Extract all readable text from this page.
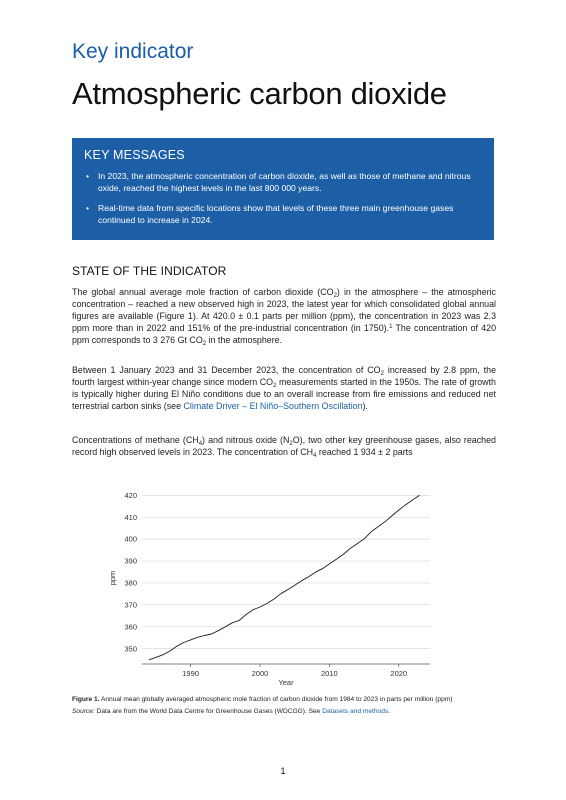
Key indicator
Atmospheric carbon dioxide
KEY MESSAGES
• In 2023, the atmospheric concentration of carbon dioxide, as well as those of methane and nitrous oxide, reached the highest levels in the last 800 000 years.
• Real-time data from specific locations show that levels of these three main greenhouse gases continued to increase in 2024.
STATE OF THE INDICATOR
The global annual average mole fraction of carbon dioxide $(CO_2)$ in the atmosphere – the atmospheric concentration – reached a new observed high in 2023, the latest year for which consolidated global annual figures are available (Figure 1). At 420.0 ± 0.1 parts per million (ppm), the concentration in 2023 was 2.3 ppm more than in 2022 and 151% of the pre-industrial concentration (in 1750).$^1$ The concentration of 420 ppm corresponds to 3 276 Gt $CO_2$ in the atmosphere.
Between 1 January 2023 and 31 December 2023, the concentration of $CO_2$ increased by 2.8 ppm, the fourth largest within-year change since modern $CO_2$ measurements started in the 1950s. The rate of growth is typically higher during El Niño conditions due to an overall increase from fire emissions and reduced net terrestrial carbon sinks (see Climate Driver – El Niño–Southern Oscillation).
Concentrations of methane $(CH_4)$ and nitrous oxide $(N_2O)$, two other key greenhouse gases, also reached record high observed levels in 2023. The concentration of $CH_4$ reached 1 934 ± 2 parts
350
360
370
380
390
400
410
420
1990	2000	2010	2020
Year
ppm
Figure 1. Annual mean globally averaged atmospheric mole fraction of carbon dioxide from 1984 to 2023 in parts per million (ppm)
Source: Data are from the World Data Centre for Greenhouse Gases (WDCGG). See Datasets and methods.
1
